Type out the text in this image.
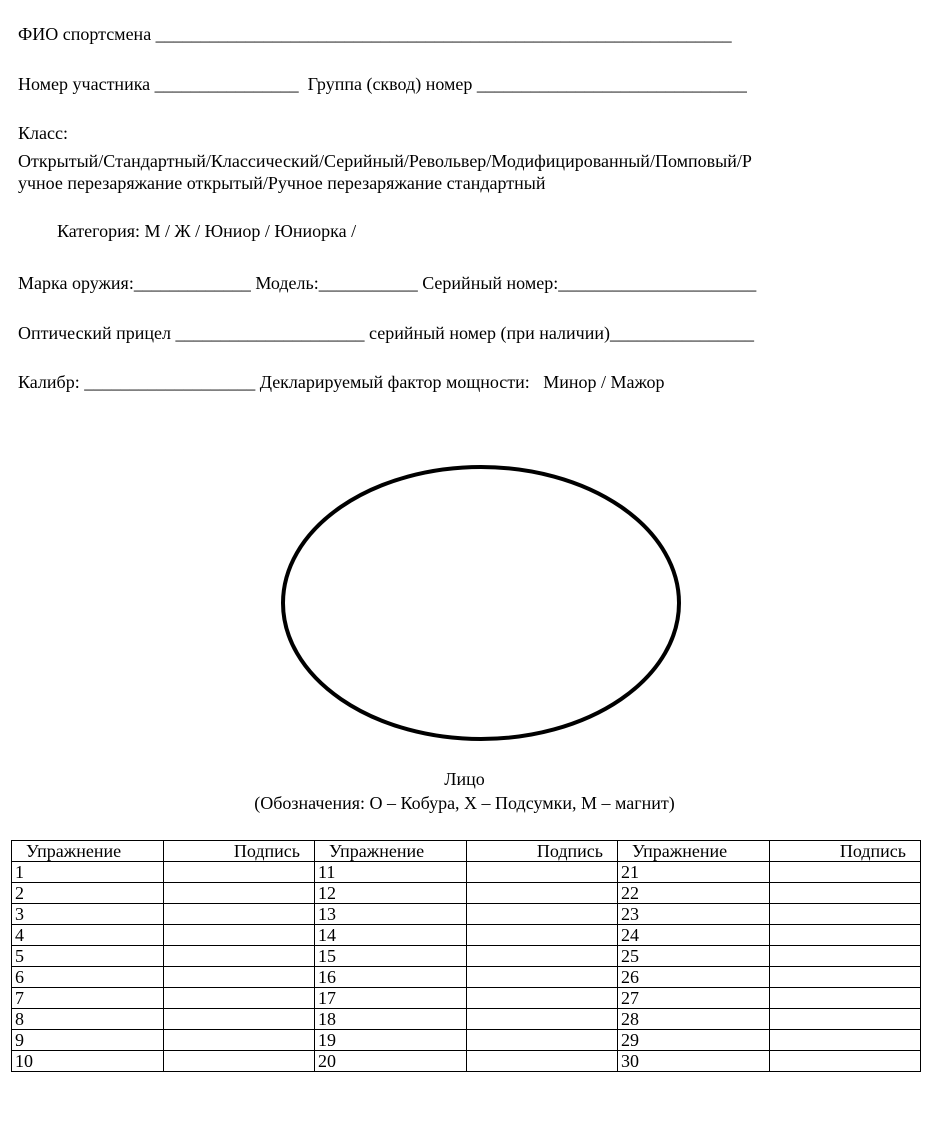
ФИО спортсмена ________________________________________________________________
Номер участника ________________  Группа (сквод) номер ______________________________
Класс:
Открытый/Стандартный/Классический/Серийный/Револьвер/Модифицированный/Помповый/Р
учное перезаряжание открытый/Ручное перезаряжание стандартный
Категория: М / Ж / Юниор / Юниорка /
Марка оружия:_____________ Модель:___________ Серийный номер:______________________
Оптический прицел _____________________ серийный номер (при наличии)________________
Калибр: ___________________ Декларируемый фактор мощности:   Минор / Мажор
Лицо
(Обозначения: О – Кобура, Х – Подсумки, М – магнит)
Упражнение	Подпись	Упражнение	Подпись	Упражнение	Подпись
1		11		21	
2		12		22	
3		13		23	
4		14		24	
5		15		25	
6		16		26	
7		17		27	
8		18		28	
9		19		29	
10		20		30	
